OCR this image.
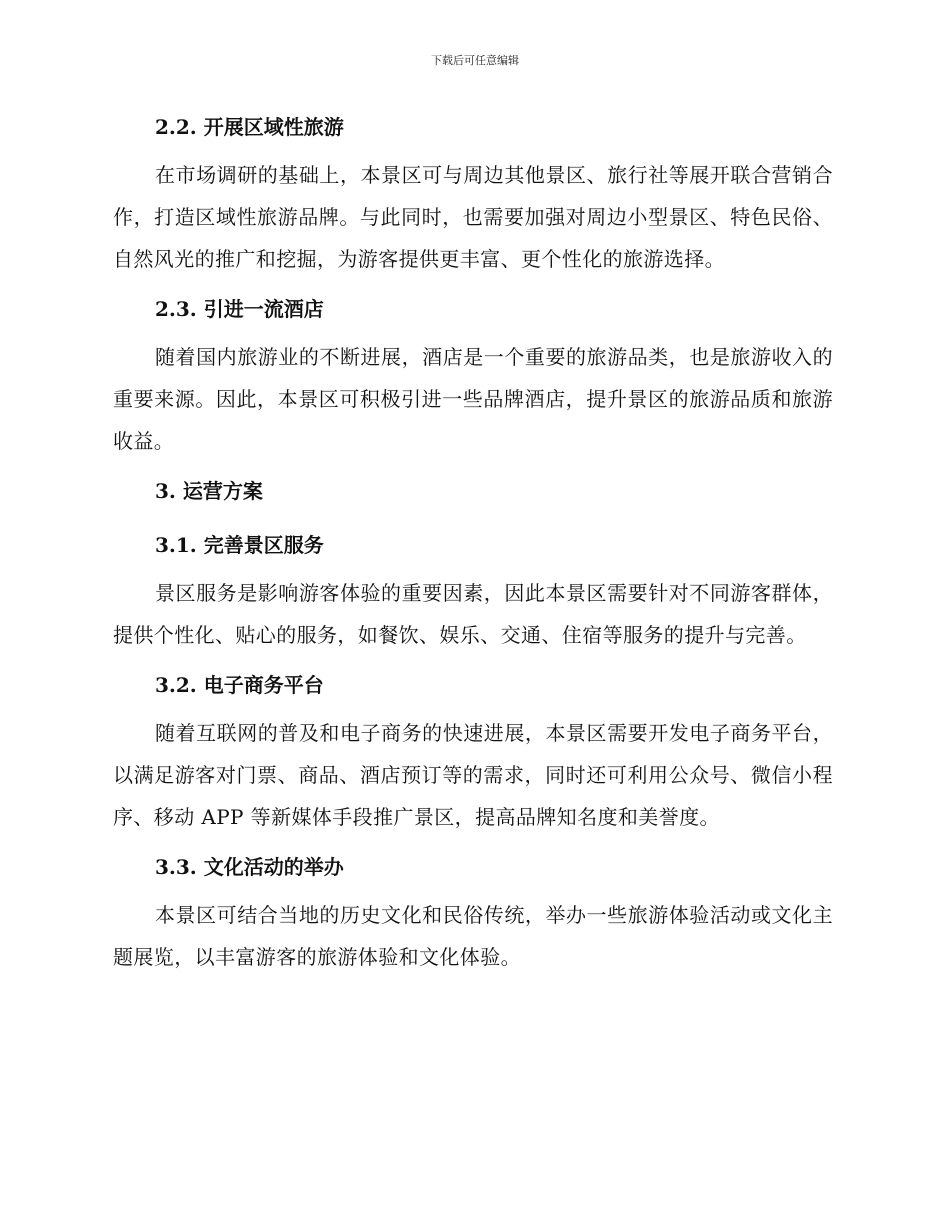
下载后可任意编辑
2.2. 开展区域性旅游

在市场调研的基础上，本景区可与周边其他景区、旅行社等展开联合营销合作，打造区域性旅游品牌。与此同时，也需要加强对周边小型景区、特色民俗、自然风光的推广和挖掘，为游客提供更丰富、更个性化的旅游选择。

2.3. 引进一流酒店

随着国内旅游业的不断进展，酒店是一个重要的旅游品类，也是旅游收入的重要来源。因此，本景区可积极引进一些品牌酒店，提升景区的旅游品质和旅游收益。

3. 运营方案
3.1. 完善景区服务

景区服务是影响游客体验的重要因素，因此本景区需要针对不同游客群体，提供个性化、贴心的服务，如餐饮、娱乐、交通、住宿等服务的提升与完善。

3.2. 电子商务平台

随着互联网的普及和电子商务的快速进展，本景区需要开发电子商务平台，以满足游客对门票、商品、酒店预订等的需求，同时还可利用公众号、微信小程序、移动 APP 等新媒体手段推广景区，提高品牌知名度和美誉度。

3.3. 文化活动的举办

本景区可结合当地的历史文化和民俗传统，举办一些旅游体验活动或文化主题展览，以丰富游客的旅游体验和文化体验。
